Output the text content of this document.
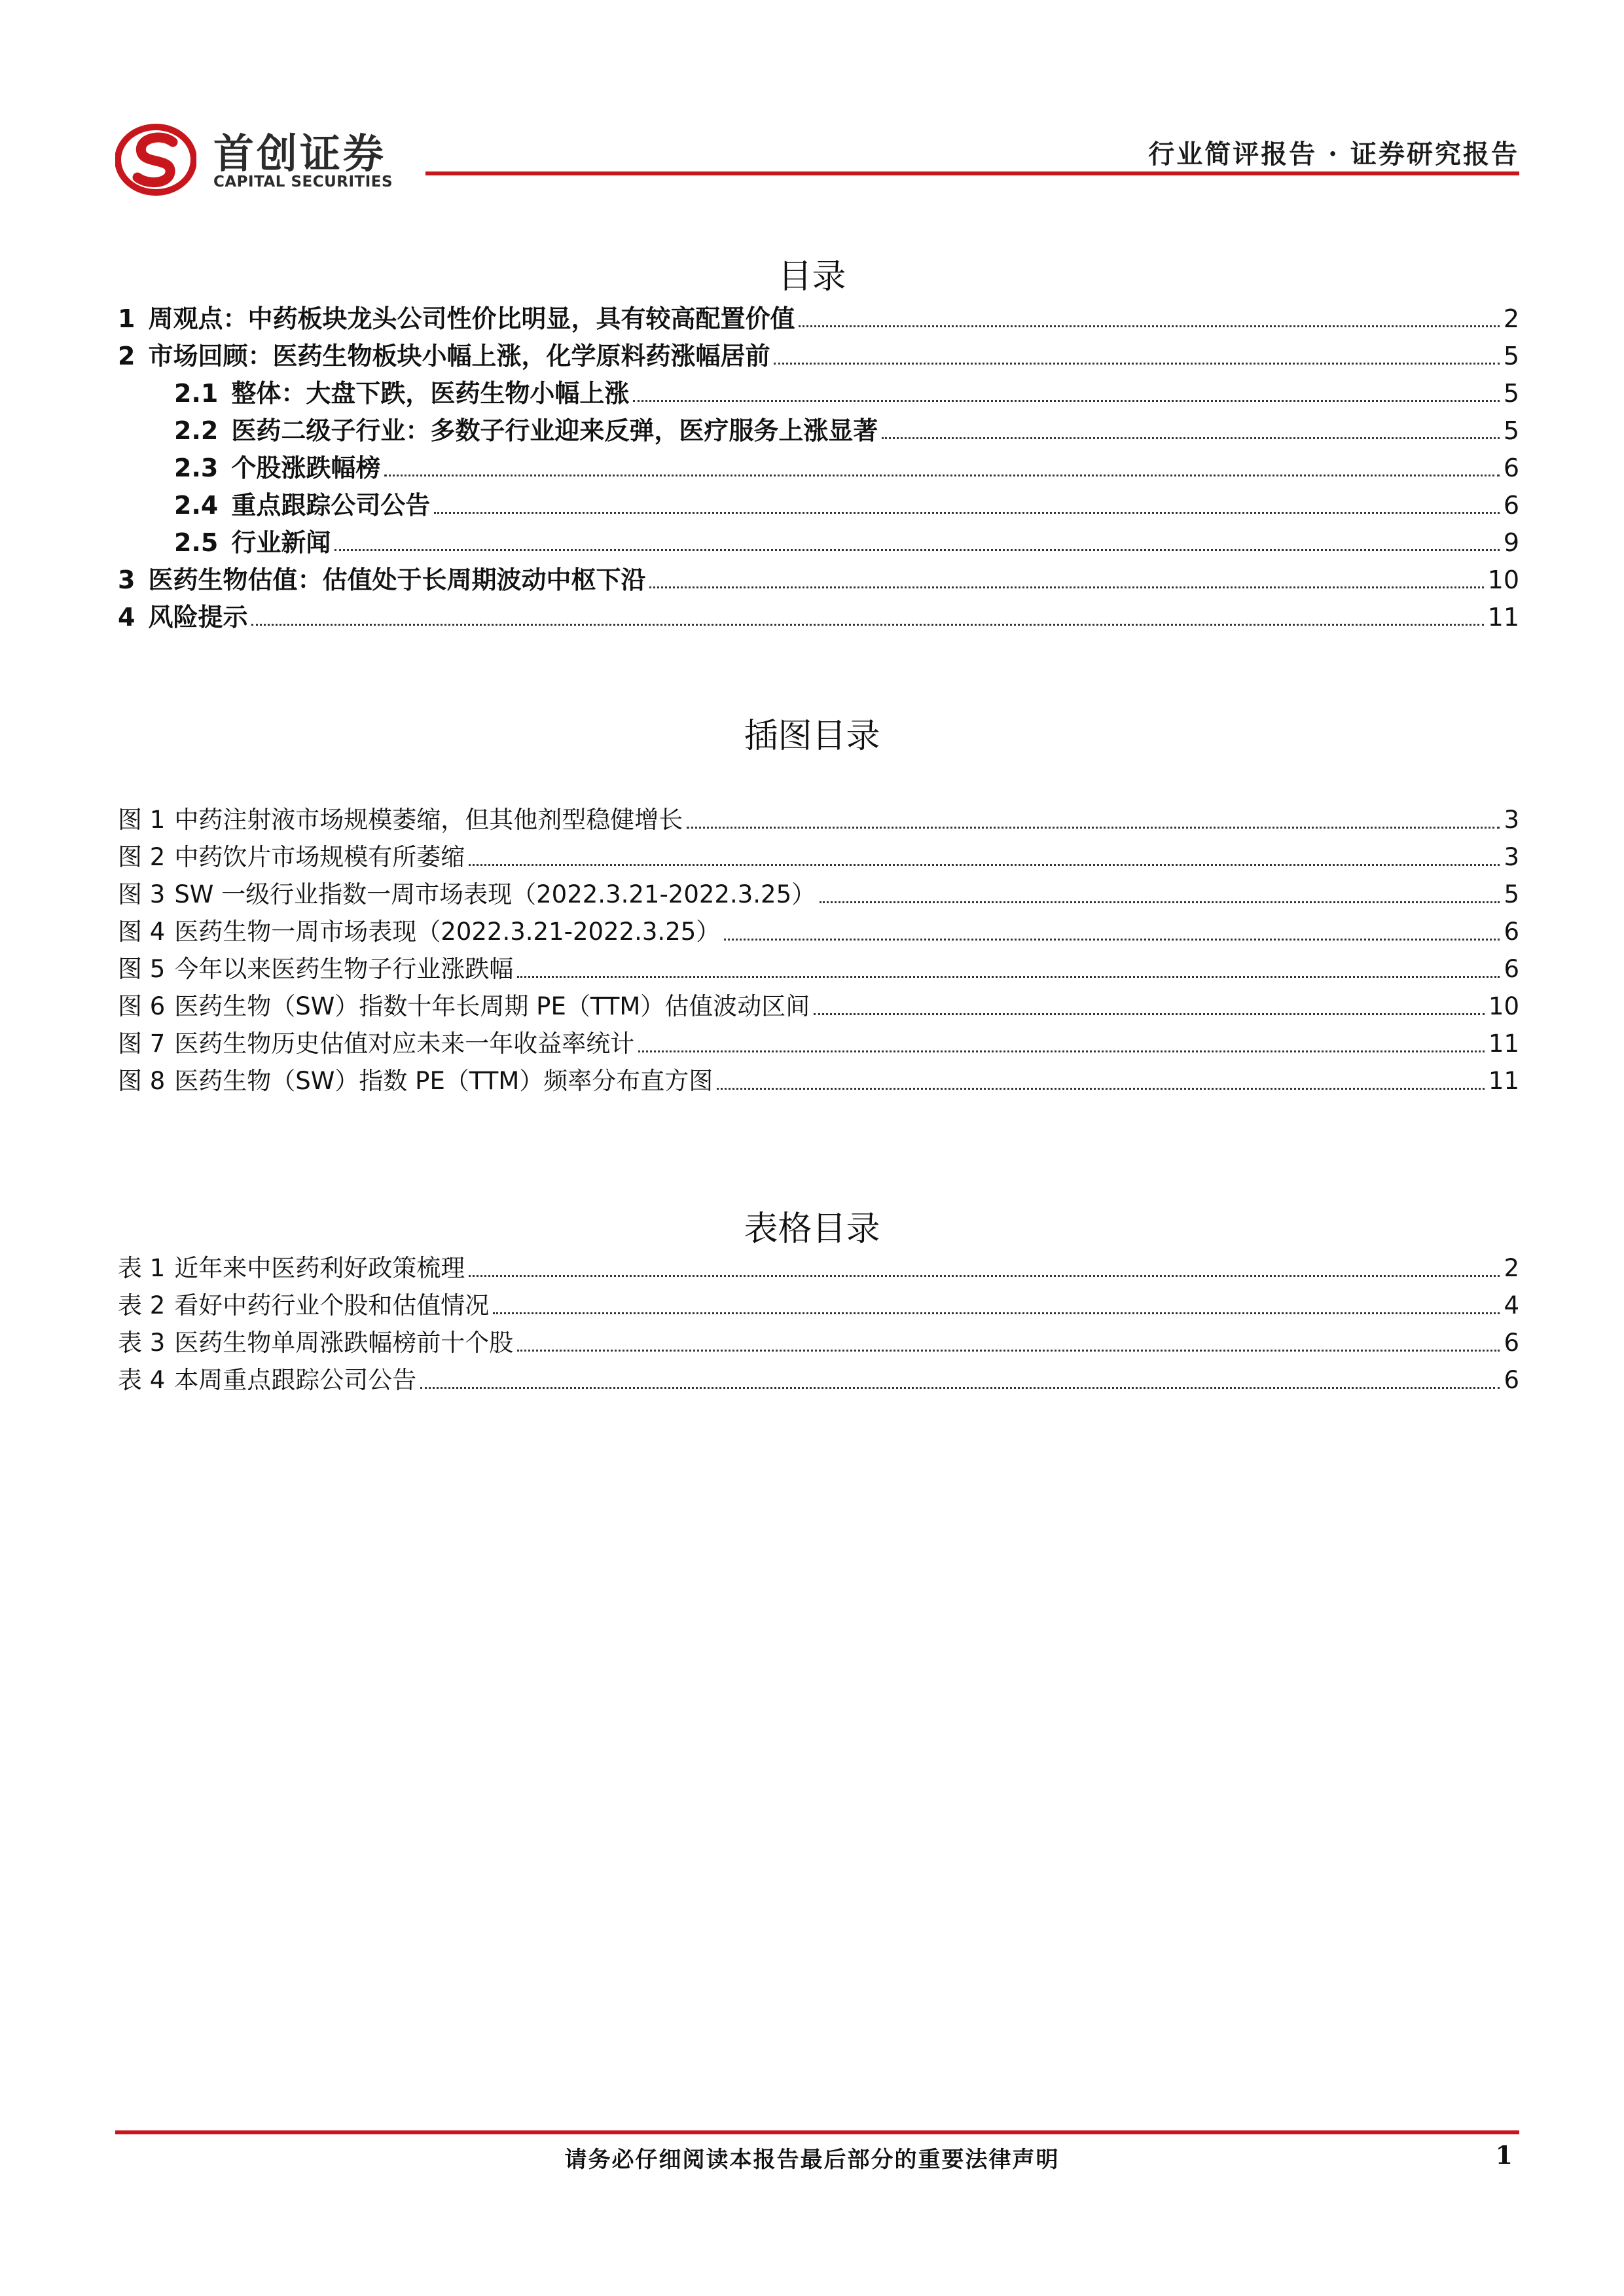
首创证券
CAPITAL SECURITIES
行业简评报告 · 证券研究报告
目录
1 周观点：中药板块龙头公司性价比明显，具有较高配置价值	2
2 市场回顾：医药生物板块小幅上涨，化学原料药涨幅居前	5
2.1 整体：大盘下跌，医药生物小幅上涨	5
2.2 医药二级子行业：多数子行业迎来反弹，医疗服务上涨显著	5
2.3 个股涨跌幅榜	6
2.4 重点跟踪公司公告	6
2.5 行业新闻	9
3 医药生物估值：估值处于长周期波动中枢下沿	10
4 风险提示	11
插图目录
图 1 中药注射液市场规模萎缩，但其他剂型稳健增长	3
图 2 中药饮片市场规模有所萎缩	3
图 3 SW 一级行业指数一周市场表现（2022.3.21-2022.3.25）	5
图 4 医药生物一周市场表现（2022.3.21-2022.3.25）	6
图 5 今年以来医药生物子行业涨跌幅	6
图 6 医药生物（SW）指数十年长周期 PE（TTM）估值波动区间	10
图 7 医药生物历史估值对应未来一年收益率统计	11
图 8 医药生物（SW）指数 PE（TTM）频率分布直方图	11
表格目录
表 1 近年来中医药利好政策梳理	2
表 2 看好中药行业个股和估值情况	4
表 3 医药生物单周涨跌幅榜前十个股	6
表 4 本周重点跟踪公司公告	6
请务必仔细阅读本报告最后部分的重要法律声明	1
